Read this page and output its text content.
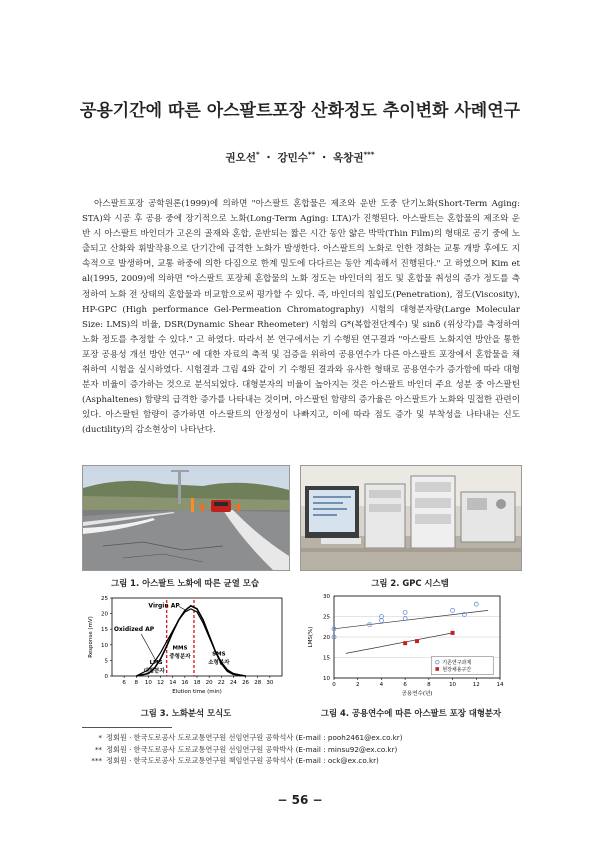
공용기간에 따른 아스팔트포장 산화정도 추이변화 사례연구
권오선* ・ 강민수** ・ 옥창권***
아스팔트포장 공학원론(1999)에 의하면 "아스팔트 혼합물은 제조와 운반 도중 단기노화(Short-Term Aging: STA)와 시공 후 공용 중에 장기적으로 노화(Long-Term Aging: LTA)가 진행된다. 아스팔트는 혼합물의 제조와 운반 시 아스팔트 바인더가 고온의 골재와 혼합, 운반되는 짧은 시간 동안 얇은 박막(Thin Film)의 형태로 공기 중에 노출되고 산화와 휘발작용으로 단기간에 급격한 노화가 발생한다. 아스팔트의 노화로 인한 경화는 교통 개방 후에도 지속적으로 발생하며, 교통 하중에 의한 다짐으로 한계 밀도에 다다르는 동안 계속해서 진행된다." 고 하였으며 Kim et al(1995, 2009)에 의하면 "아스팔트 포장체 혼합물의 노화 정도는 바인더의 점도 및 혼합물 취성의 증가 정도를 측정하여 노화 전 상태의 혼합물과 비교함으로써 평가할 수 있다. 즉, 바인더의 침입도(Penetration), 점도(Viscosity), HP-GPC (High performance Gel-Permeation Chromatography) 시험의 대형분자량(Large Molecular Size: LMS)의 비율, DSR(Dynamic Shear Rheometer) 시험의 G*(복합전단계수) 및 sinδ (위상각)를 측정하여 노화 정도를 추정할 수 있다." 고 하였다. 따라서 본 연구에서는 기 수행된 연구결과 "아스팔트 노화지연 방안을 통한 포장 공용성 개선 방안 연구" 에 대한 자료의 축적 및 검증을 위하여 공용연수가 다른 아스팔트 포장에서 혼합물을 채취하여 시험을 실시하였다. 시험결과 그림 4와 같이 기 수행된 결과와 유사한 형태로 공용연수가 증가함에 따라 대형분자 비율이 증가하는 것으로 분석되었다. 대형분자의 비율이 높아지는 것은 아스팔트 바인더 주요 성분 중 아스팔틴(Asphaltenes) 함량의 급격한 증가를 나타내는 것이며, 아스팔틴 함량의 증가율은 아스팔트가 노화와 밀접한 관련이 있다. 아스팔틴 함량이 증가하면 아스팔트의 안정성이 나빠지고, 이에 따라 점도 증가 및 부착성을 나타내는 신도(ductility)의 감소현상이 나타난다.
그림 1. 아스팔트 노화에 따른 균열 모습	그림 2. GPC 시스템
0
5
10
15
20
25
6 8 10 12 14 16 18 20 22 24 26 28 30
Elution time (min)
Response (mV)
Virgin AP
Oxidized AP
LMS
대형분자
MMS
중형분자	SMS
소형분자
10
15
20
25
30
0	2	4	6	8	10	12	14
공용연수(년)
LMS(%)
기존연구과제
현장채용구간
그림 3. 노화분석 모식도	그림 4. 공용연수에 따른 아스팔트 포장 대형분자
* 정회원 · 한국도로공사 도로교통연구원 선임연구원 공학석사 (E-mail : pooh2461@ex.co.kr)
** 정회원 · 한국도로공사 도로교통연구원 선임연구원 공학박사 (E-mail : minsu92@ex.co.kr)
*** 정회원 · 한국도로공사 도로교통연구원 책임연구원 공학석사 (E-mail : ock@ex.co.kr)
− 56 −
